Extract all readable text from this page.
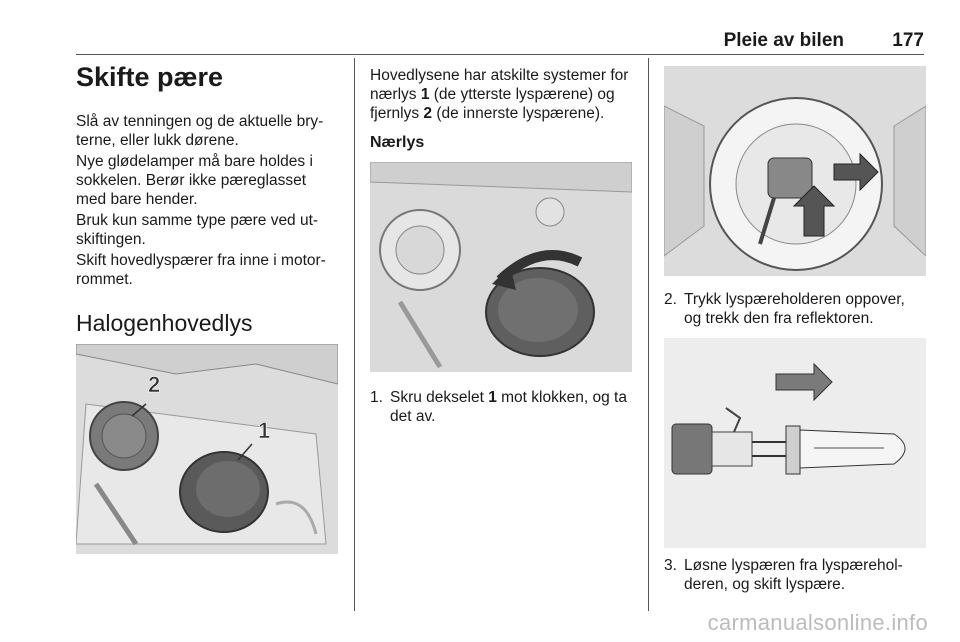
Pleie av bilen	177
Skifte pære

Slå av tenningen og de aktuelle bry-
terne, eller lukk dørene.

Nye glødelamper må bare holdes i
sokkelen. Berør ikke pæreglasset
med bare hender.

Bruk kun samme type pære ved ut-
skiftingen.

Skift hovedlyspærer fra inne i motor-
rommet.

Halogenhovedlys
2
1

Hovedlysene har atskilte systemer for
nærlys 1 (de ytterste lyspærene) og
fjernlys 2 (de innerste lyspærene).

Nærlys
1. Skru dekselet 1 mot klokken, og ta
det av.
2. Trykk lyspæreholderen oppover,
og trekk den fra reflektoren.
3. Løsne lyspæren fra lyspærehol-
deren, og skift lyspære.
carmanualsonline.info
